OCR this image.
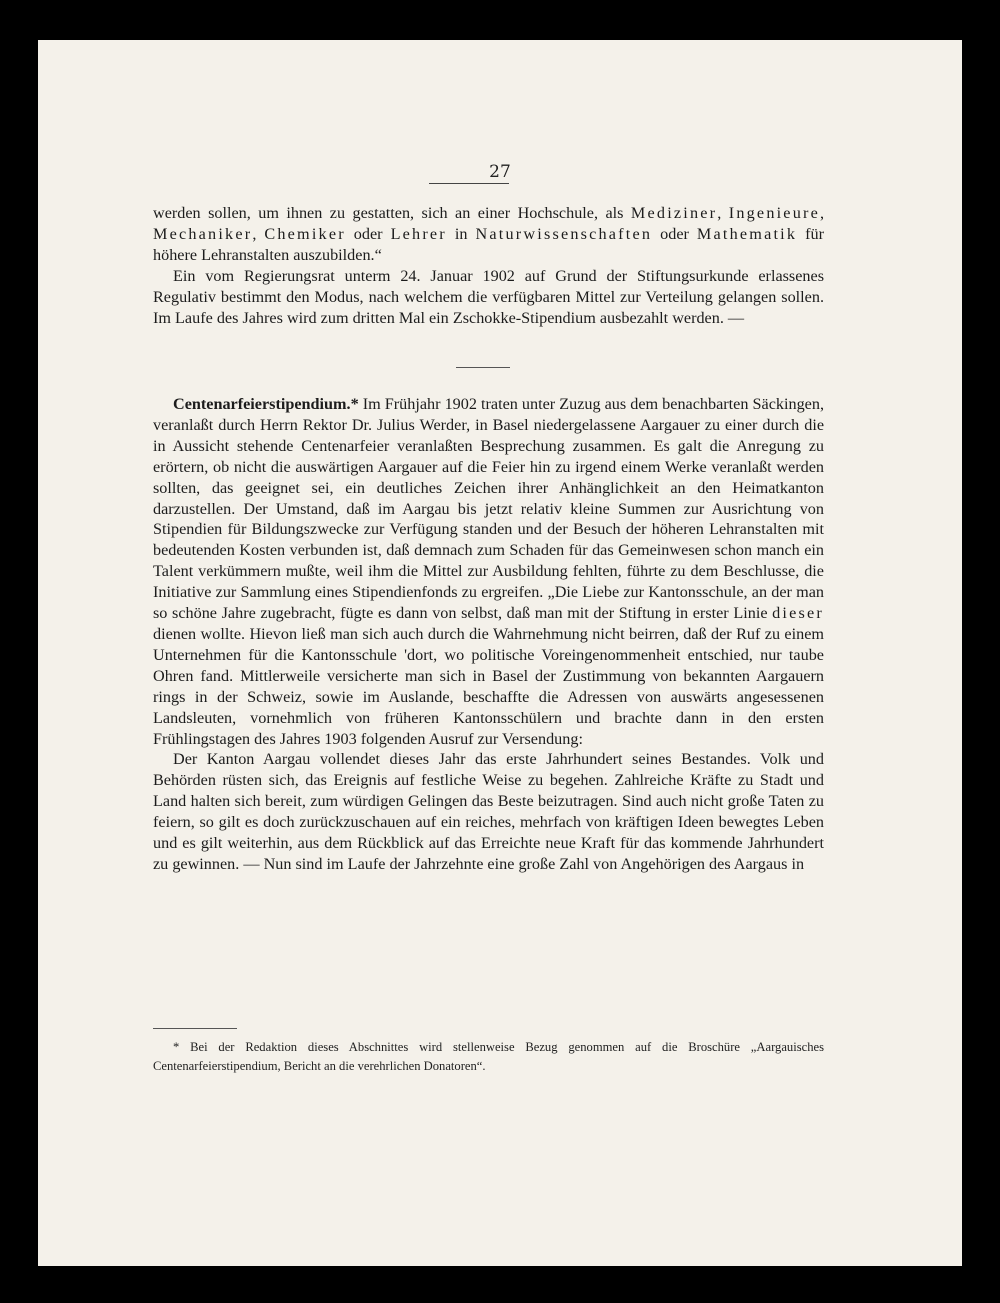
27

werden sollen, um ihnen zu gestatten, sich an einer Hochschule, als Mediziner, Ingenieure, Mechaniker, Chemiker oder Lehrer in Naturwissenschaften oder Mathematik für höhere Lehranstalten auszubilden.“

Ein vom Regierungsrat unterm 24. Januar 1902 auf Grund der Stiftungsurkunde erlassenes Regulativ bestimmt den Modus, nach welchem die verfügbaren Mittel zur Verteilung gelangen sollen. Im Laufe des Jahres wird zum dritten Mal ein Zschokke-Stipendium ausbezahlt werden. —

Centenarfeierstipendium.* Im Frühjahr 1902 traten unter Zuzug aus dem benachbarten Säckingen, veranlaßt durch Herrn Rektor Dr. Julius Werder, in Basel niedergelassene Aargauer zu einer durch die in Aussicht stehende Centenarfeier veranlaßten Besprechung zusammen. Es galt die Anregung zu erörtern, ob nicht die auswärtigen Aargauer auf die Feier hin zu irgend einem Werke veranlaßt werden sollten, das geeignet sei, ein deutliches Zeichen ihrer Anhänglichkeit an den Heimatkanton darzustellen. Der Umstand, daß im Aargau bis jetzt relativ kleine Summen zur Ausrichtung von Stipendien für Bildungszwecke zur Verfügung standen und der Besuch der höheren Lehranstalten mit bedeutenden Kosten verbunden ist, daß demnach zum Schaden für das Gemeinwesen schon manch ein Talent verkümmern mußte, weil ihm die Mittel zur Ausbildung fehlten, führte zu dem Beschlusse, die Initiative zur Sammlung eines Stipendienfonds zu ergreifen. „Die Liebe zur Kantonsschule, an der man so schöne Jahre zugebracht, fügte es dann von selbst, daß man mit der Stiftung in erster Linie dieser dienen wollte. Hievon ließ man sich auch durch die Wahrnehmung nicht beirren, daß der Ruf zu einem Unternehmen für die Kantonsschule 'dort, wo politische Voreingenommenheit entschied, nur taube Ohren fand. Mittlerweile versicherte man sich in Basel der Zustimmung von bekannten Aargauern rings in der Schweiz, sowie im Auslande, beschaffte die Adressen von auswärts angesessenen Landsleuten, vornehmlich von früheren Kantonsschülern und brachte dann in den ersten Frühlingstagen des Jahres 1903 folgenden Ausruf zur Versendung:

Der Kanton Aargau vollendet dieses Jahr das erste Jahrhundert seines Bestandes. Volk und Behörden rüsten sich, das Ereignis auf festliche Weise zu begehen. Zahlreiche Kräfte zu Stadt und Land halten sich bereit, zum würdigen Gelingen das Beste beizutragen. Sind auch nicht große Taten zu feiern, so gilt es doch zurückzuschauen auf ein reiches, mehrfach von kräftigen Ideen bewegtes Leben und es gilt weiterhin, aus dem Rückblick auf das Erreichte neue Kraft für das kommende Jahrhundert zu gewinnen. — Nun sind im Laufe der Jahrzehnte eine große Zahl von Angehörigen des Aargaus in

* Bei der Redaktion dieses Abschnittes wird stellenweise Bezug genommen auf die Broschüre „Aargauisches Centenarfeierstipendium, Bericht an die verehrlichen Donatoren“.
